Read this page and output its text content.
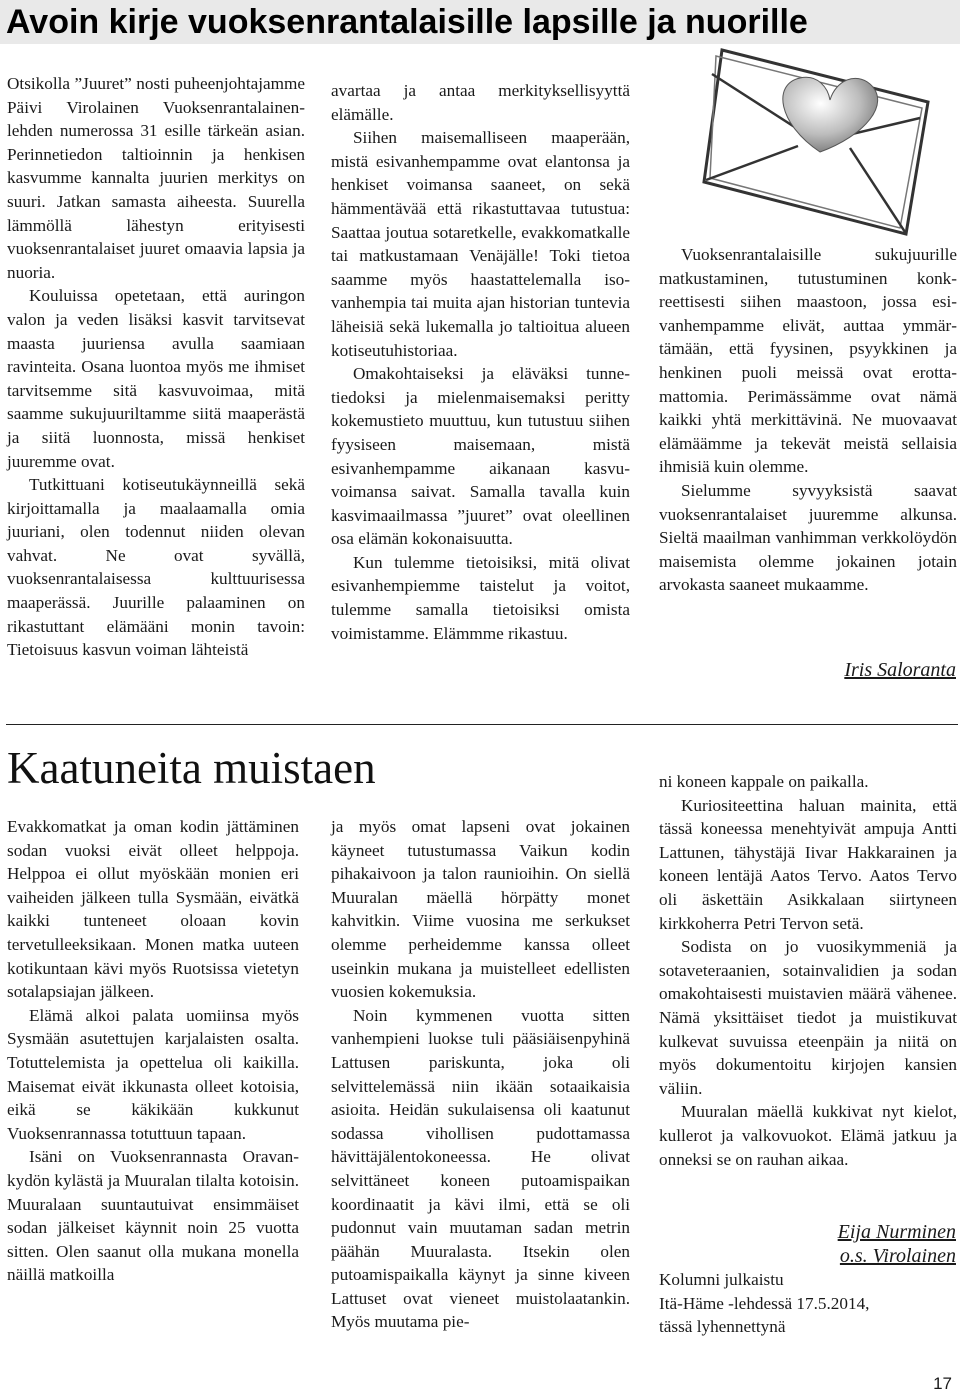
Avoin kirje vuoksenrantalaisille lapsille ja nuorille

Otsikolla ”Juuret” nosti puheenjohtajamme Päivi Virolainen Vuoksenrantalainen-lehden numerossa 31 esille tärkeän asian. Perinnetiedon taltioinnin ja henkisen kasvumme kannalta juurien merkitys on suuri. Jatkan samasta aiheesta. Suurella lämmöllä lähestyn erityisesti vuoksenrantalaiset juuret omaavia lapsia ja nuoria.

Kouluissa opetetaan, että auringon valon ja veden lisäksi kasvit tarvitsevat maasta juuriensa avulla saamiaan ravinteita. Osana luontoa myös me ihmiset tarvitsemme sitä kasvuvoimaa, mitä saamme sukujuuriltamme siitä maaperästä ja siitä luonnosta, missä henkiset juuremme ovat.

Tutkittuani kotiseutukäynneillä sekä kirjoittamalla ja maalaamalla omia juuriani, olen todennut niiden olevan vahvat. Ne ovat syvällä, vuoksenrantalaisessa kulttuurisessa maaperässä. Juurille palaaminen on rikastuttant elämääni monin tavoin: Tietoisuus kasvun voiman lähteistä

avartaa ja antaa merkityksellisyyttä elämälle.

Siihen maisemalliseen maaperään, mistä esivanhempamme ovat elantonsa ja henkiset voimansa saaneet, on sekä hämmentävää että rikastuttavaa tutustua: Saattaa joutua sotaretkelle, evakkomatkalle tai matkustamaan Venäjälle! Toki tietoa saamme myös haastattelemalla isovanhempia tai muita ajan historian tuntevia läheisiä sekä lukemalla jo taltioitua alueen kotiseutuhistoriaa.

Omakohtaiseksi ja eläväksi tunnetiedoksi ja mielenmaisemaksi peritty kokemustieto muuttuu, kun tutustuu siihen fyysiseen maisemaan, mistä esivanhempamme aikanaan kasvuvoimansa saivat. Samalla tavalla kuin kasvimaailmassa ”juuret” ovat oleellinen osa elämän kokonaisuutta.

Kun tulemme tietoisiksi, mitä olivat esivanhempiemme taistelut ja voitot, tulemme samalla tietoisiksi omista voimistamme. Elämmme rikastuu.

Vuoksenrantalaisille sukujuurille matkustaminen, tutustuminen konkreettisesti siihen maastoon, jossa esivanhempamme elivät, auttaa ymmärtämään, että fyysinen, psyykkinen ja henkinen puoli meissä ovat erottamattomia. Perimässämme ovat nämä kaikki yhtä merkittävinä. Ne muovaavat elämäämme ja tekevät meistä sellaisia ihmisiä kuin olemme.

Sielumme syvyyksistä saavat vuoksenrantalaiset juuremme alkunsa. Sieltä maailman vanhimman verkkolöydön maisemista olemme jokainen jotain arvokasta saaneet mukaamme.

Iris Saloranta
Kaatuneita muistaen

Evakkomatkat ja oman kodin jättäminen sodan vuoksi eivät olleet helppoja. Helppoa ei ollut myöskään monien eri vaiheiden jälkeen tulla Sysmään, eivätkä kaikki tunteneet oloaan kovin tervetulleeksikaan. Monen matka uuteen kotikuntaan kävi myös Ruotsissa vietetyn sotalapsiajan jälkeen.

Elämä alkoi palata uomiinsa myös Sysmään asutettujen karjalaisten osalta. Totuttelemista ja opettelua oli kaikilla. Maisemat eivät ikkunasta olleet kotoisia, eikä se käkikään kukkunut Vuoksenrannassa totuttuun tapaan.

Isäni on Vuoksenrannasta Oravankydön kylästä ja Muuralan tilalta kotoisin. Muuralaan suuntautuivat ensimmäiset sodan jälkeiset käynnit noin 25 vuotta sitten. Olen saanut olla mukana monella näillä matkoilla

ja myös omat lapseni ovat jokainen käyneet tutustumassa Vaikun kodin pihakaivoon ja talon raunioihin. On siellä Muuralan mäellä hörpätty monet kahvitkin. Viime vuosina me serkukset olemme perheidemme kanssa olleet useinkin mukana ja muistelleet edellisten vuosien kokemuksia.

Noin kymmenen vuotta sitten vanhempieni luokse tuli pääsiäisenpyhinä Lattusen pariskunta, joka oli selvittelemässä niin ikään sotaaikaisia asioita. Heidän sukulaisensa oli kaatunut sodassa vihollisen pudottamassa hävittäjälentokoneessa. He olivat selvittäneet koneen putoamispaikan koordinaatit ja kävi ilmi, että se oli pudonnut vain muutaman sadan metrin päähän Muuralasta. Itsekin olen putoamispaikalla käynyt ja sinne kiveen Lattuset ovat vieneet muistolaatankin. Myös muutama pie-

ni koneen kappale on paikalla.

Kuriositeettina haluan mainita, että tässä koneessa menehtyivät ampuja Antti Lattunen, tähystäjä Iivar Hakkarainen ja koneen lentäjä Aatos Tervo. Aatos Tervo oli äskettäin Asikkalaan siirtyneen kirkkoherra Petri Tervon setä.

Sodista on jo vuosikymmeniä ja sotaveteraanien, sotainvalidien ja sodan omakohtaisesti muistavien määrä vähenee. Nämä yksittäiset tiedot ja muistikuvat kulkevat suvuissa eteenpäin ja niitä on myös dokumentoitu kirjojen kansien väliin.

Muuralan mäellä kukkivat nyt kielot, kullerot ja valkovuokot. Elämä jatkuu ja onneksi se on rauhan aikaa.

Eija Nurminen
o.s. Virolainen
Kolumni julkaistu
Itä-Häme -lehdessä 17.5.2014,
tässä lyhennettynä
17
